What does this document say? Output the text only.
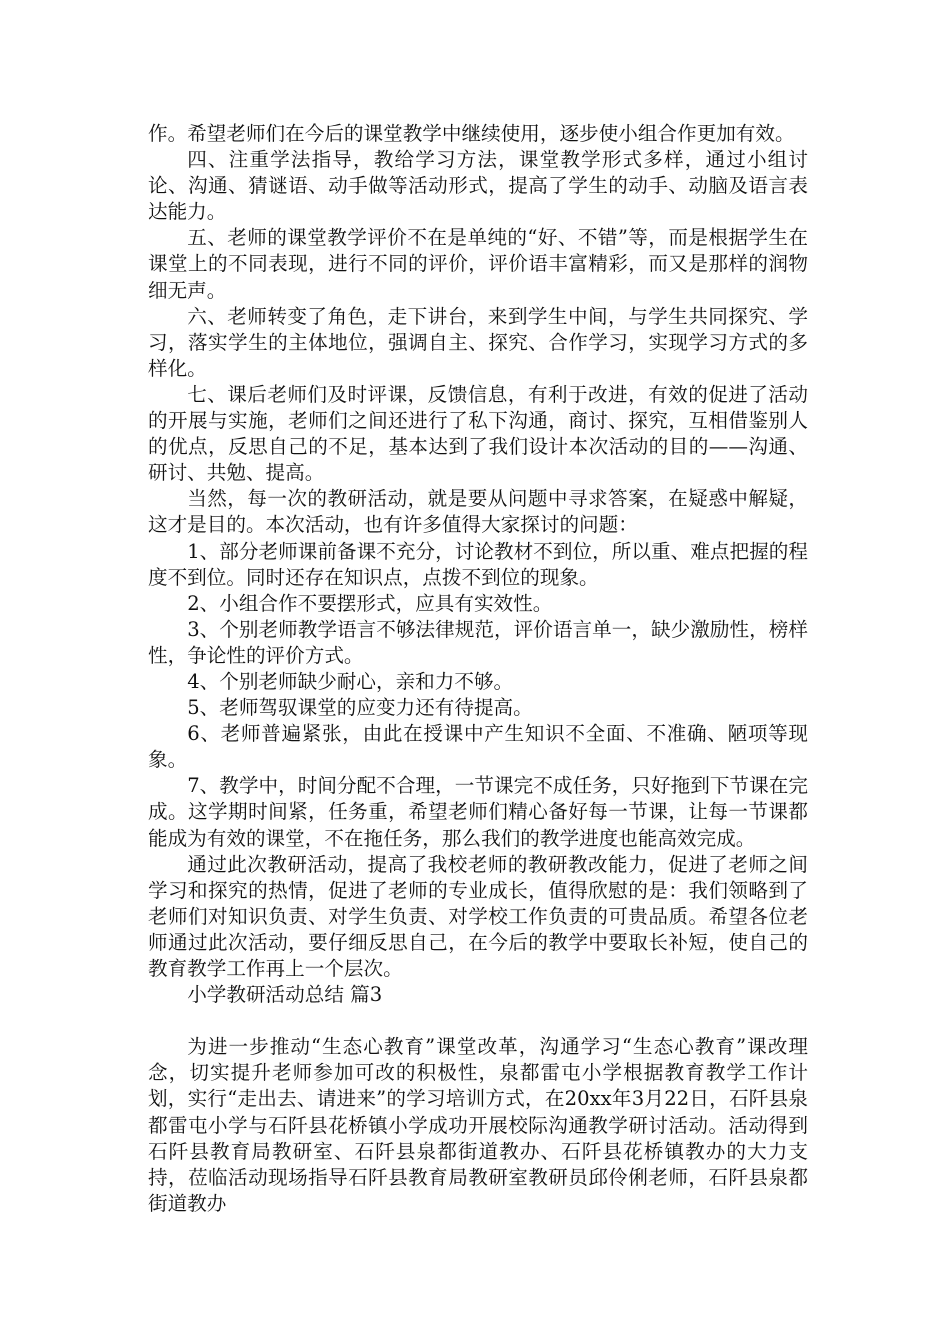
作。希望老师们在今后的课堂教学中继续使用，逐步使小组合作更加有效。

四、注重学法指导，教给学习方法，课堂教学形式多样，通过小组讨论、沟通、猜谜语、动手做等活动形式，提高了学生的动手、动脑及语言表达能力。

五、老师的课堂教学评价不在是单纯的“好、不错”等，而是根据学生在课堂上的不同表现，进行不同的评价，评价语丰富精彩，而又是那样的润物细无声。

六、老师转变了角色，走下讲台，来到学生中间，与学生共同探究、学习，落实学生的主体地位，强调自主、探究、合作学习，实现学习方式的多样化。

七、课后老师们及时评课，反馈信息，有利于改进，有效的促进了活动的开展与实施，老师们之间还进行了私下沟通，商讨、探究，互相借鉴别人的优点，反思自己的不足，基本达到了我们设计本次活动的目的——沟通、研讨、共勉、提高。

当然，每一次的教研活动，就是要从问题中寻求答案，在疑惑中解疑，这才是目的。本次活动，也有许多值得大家探讨的问题：

1、部分老师课前备课不充分，讨论教材不到位，所以重、难点把握的程度不到位。同时还存在知识点，点拨不到位的现象。

2、小组合作不要摆形式，应具有实效性。

3、个别老师教学语言不够法律规范，评价语言单一，缺少激励性，榜样性，争论性的评价方式。

4、个别老师缺少耐心，亲和力不够。

5、老师驾驭课堂的应变力还有待提高。

6、老师普遍紧张，由此在授课中产生知识不全面、不准确、陋项等现象。

7、教学中，时间分配不合理，一节课完不成任务，只好拖到下节课在完成。这学期时间紧，任务重，希望老师们精心备好每一节课，让每一节课都能成为有效的课堂，不在拖任务，那么我们的教学进度也能高效完成。

通过此次教研活动，提高了我校老师的教研教改能力，促进了老师之间学习和探究的热情，促进了老师的专业成长，值得欣慰的是：我们领略到了老师们对知识负责、对学生负责、对学校工作负责的可贵品质。希望各位老师通过此次活动，要仔细反思自己，在今后的教学中要取长补短，使自己的教育教学工作再上一个层次。

小学教研活动总结 篇3

为进一步推动“生态心教育”课堂改革，沟通学习“生态心教育”课改理念，切实提升老师参加可改的积极性，泉都雷屯小学根据教育教学工作计划，实行“走出去、请进来”的学习培训方式，在20xx年3月22日，石阡县泉都雷屯小学与石阡县花桥镇小学成功开展校际沟通教学研讨活动。活动得到石阡县教育局教研室、石阡县泉都街道教办、石阡县花桥镇教办的大力支持，莅临活动现场指导石阡县教育局教研室教研员邱伶俐老师，石阡县泉都街道教办
